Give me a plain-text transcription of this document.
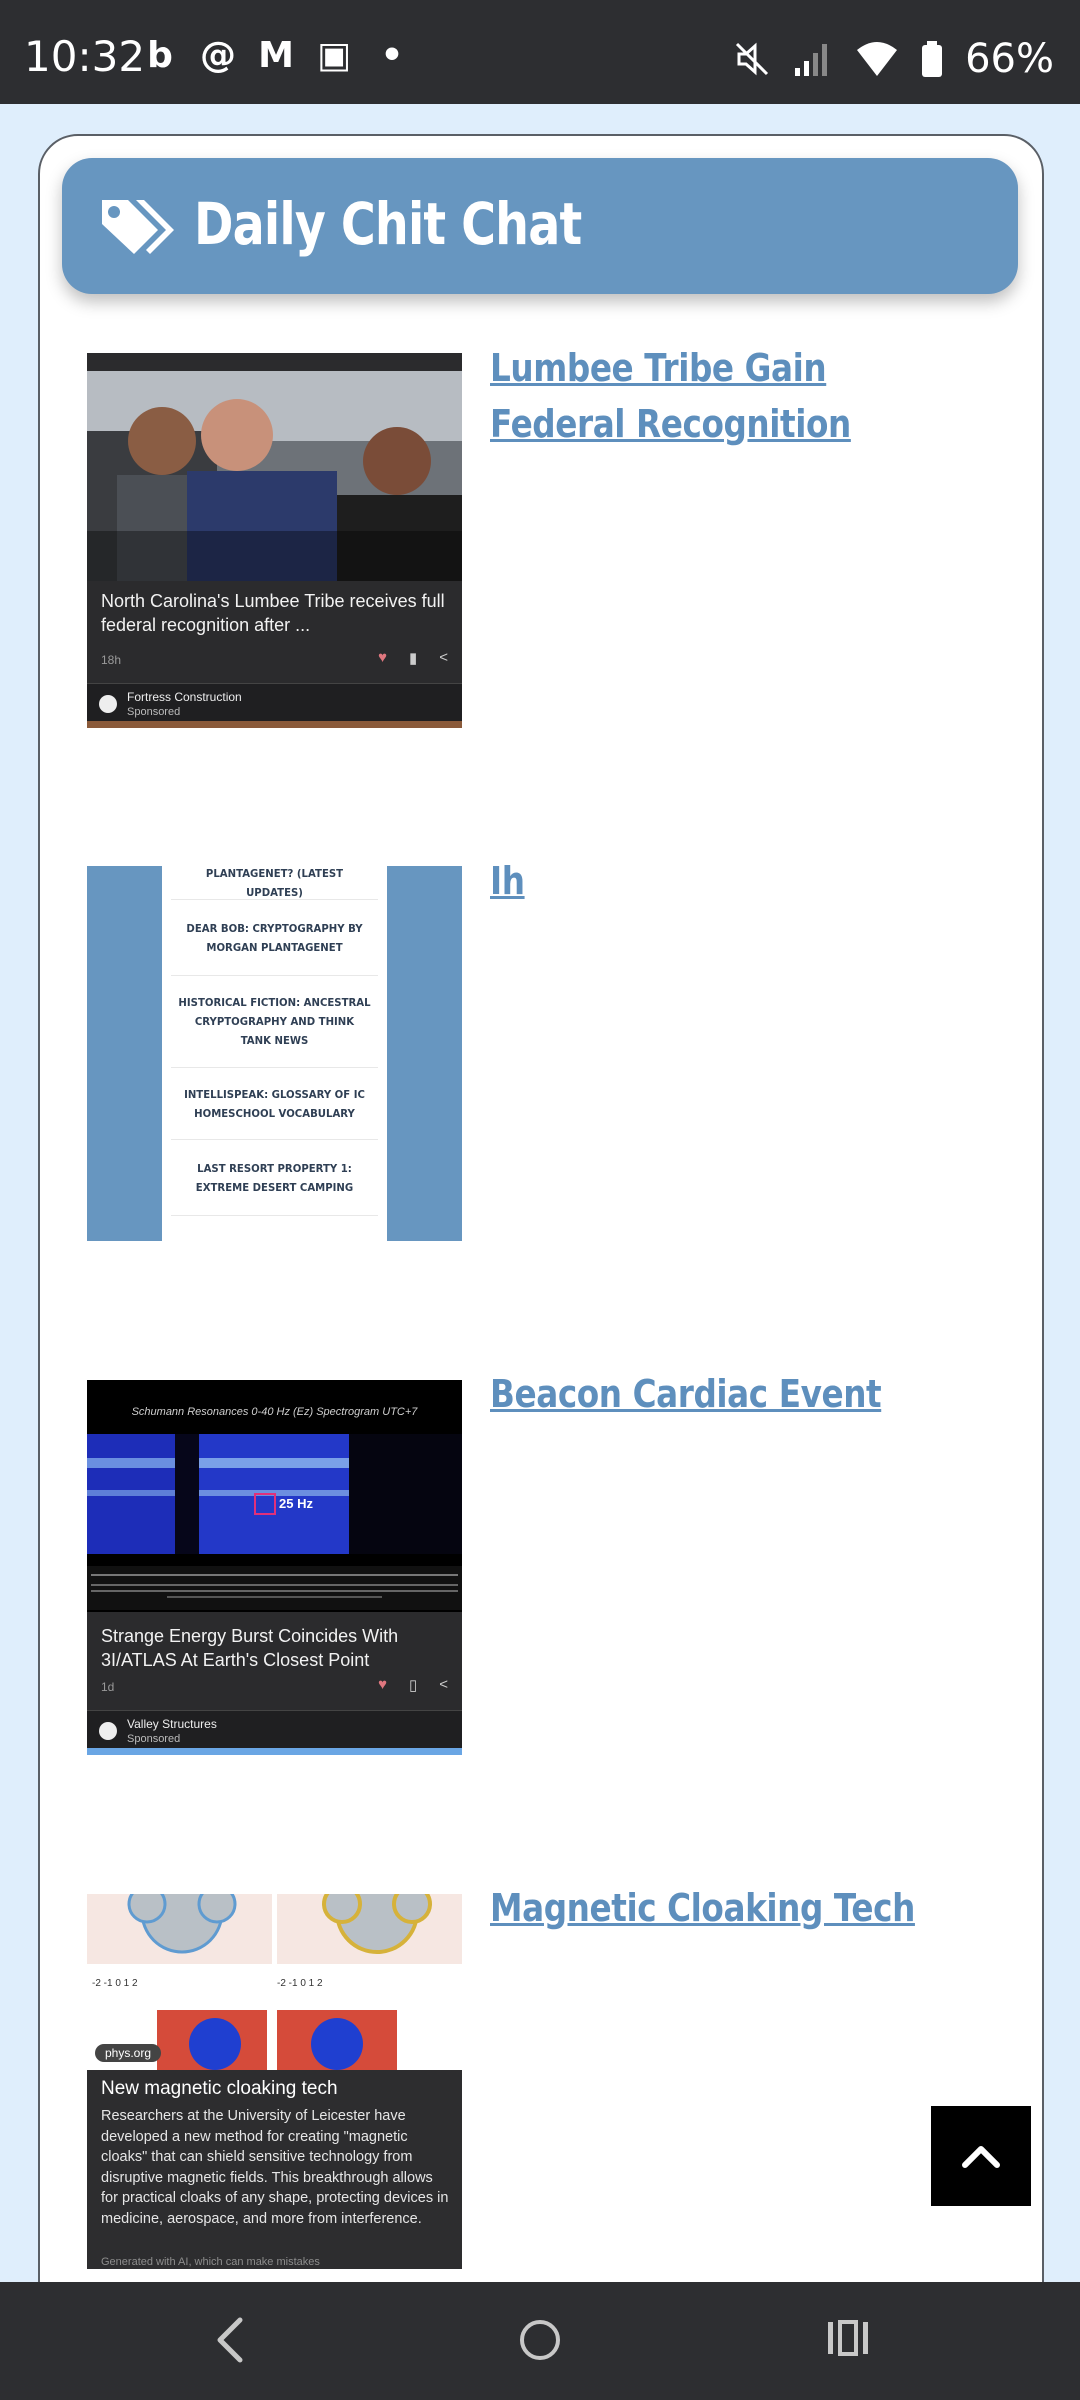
10:32 b @ M ▣ •	66%
Daily Chit Chat
North Carolina's Lumbee Tribe receives full federal recognition after ...
18h	♥ ▮ <
Fortress Construction
Sponsored
Lumbee Tribe Gain Federal Recognition
PLANTAGENET? (LATEST UPDATES)
DEAR BOB: CRYPTOGRAPHY BY MORGAN PLANTAGENET
HISTORICAL FICTION: ANCESTRAL CRYPTOGRAPHY AND THINK TANK NEWS
INTELLISPEAK: GLOSSARY OF IC HOMESCHOOL VOCABULARY
LAST RESORT PROPERTY 1: EXTREME DESERT CAMPING
Ih
Schumann Resonances 0-40 Hz (Ez) Spectrogram UTC+7
25 Hz
Strange Energy Burst Coincides With 3I/ATLAS At Earth's Closest Point
1d	♥ ▯ <
Valley Structures
Sponsored
Beacon Cardiac Event
-2 -1 0 1 2	-2 -1 0 1 2
phys.org
New magnetic cloaking tech
Researchers at the University of Leicester have developed a new method for creating "magnetic cloaks" that can shield sensitive technology from disruptive magnetic fields. This breakthrough allows for practical cloaks of any shape, protecting devices in medicine, aerospace, and more from interference.
Generated with AI, which can make mistakes
Magnetic Cloaking Tech
